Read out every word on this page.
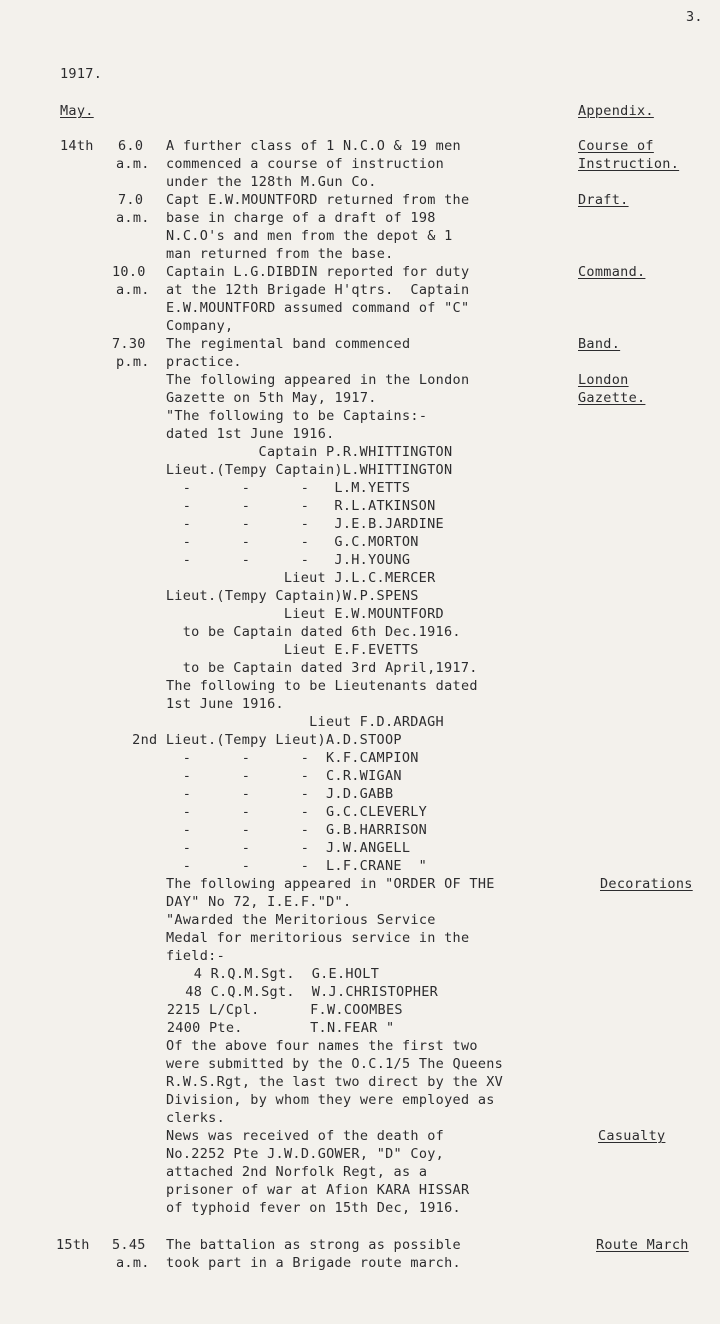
3.
1917.
May.	Appendix.
14th 6.0
a.m.
A further class of 1 N.C.O & 19 men
commenced a course of instruction
under the 128th M.Gun Co.
Course of
Instruction.
7.0
a.m.
Capt E.W.MOUNTFORD returned from the
base in charge of a draft of 198
N.C.O's and men from the depot & 1
man returned from the base.
Draft.
10.0
a.m.
Captain L.G.DIBDIN reported for duty
at the 12th Brigade H'qtrs.  Captain
E.W.MOUNTFORD assumed command of "C"
Company,
Command.
7.30
p.m.
The regimental band commenced
practice.
Band.
The following appeared in the London
Gazette on 5th May, 1917.
"The following to be Captains:-
dated 1st June 1916.
Captain P.R.WHITTINGTON
Lieut.(Tempy Captain)L.WHITTINGTON
-      -      -   L.M.YETTS
-      -      -   R.L.ATKINSON
-      -      -   J.E.B.JARDINE
-      -      -   G.C.MORTON
-      -      -   J.H.YOUNG
Lieut J.L.C.MERCER
Lieut.(Tempy Captain)W.P.SPENS
Lieut E.W.MOUNTFORD
to be Captain dated 6th Dec.1916.
Lieut E.F.EVETTS
to be Captain dated 3rd April,1917.
The following to be Lieutenants dated
1st June 1916.
Lieut F.D.ARDAGH
2nd Lieut.(Tempy Lieut)A.D.STOOP
-      -      -  K.F.CAMPION
-      -      -  C.R.WIGAN
-      -      -  J.D.GABB
-      -      -  G.C.CLEVERLY
-      -      -  G.B.HARRISON
-      -      -  J.W.ANGELL
-      -      -  L.F.CRANE  "
London
Gazette.
The following appeared in "ORDER OF THE
DAY" No 72, I.E.F."D".
"Awarded the Meritorious Service
Medal for meritorious service in the
field:-
4 R.Q.M.Sgt.  G.E.HOLT
48 C.Q.M.Sgt.  W.J.CHRISTOPHER
2215 L/Cpl.      F.W.COOMBES
2400 Pte.        T.N.FEAR "
Of the above four names the first two
were submitted by the O.C.1/5 The Queens
R.W.S.Rgt, the last two direct by the XV
Division, by whom they were employed as
clerks.
Decorations
News was received of the death of
No.2252 Pte J.W.D.GOWER, "D" Coy,
attached 2nd Norfolk Regt, as a
prisoner of war at Afion KARA HISSAR
of typhoid fever on 15th Dec, 1916.
Casualty
15th 5.45
a.m.
The battalion as strong as possible
took part in a Brigade route march.
Route March
